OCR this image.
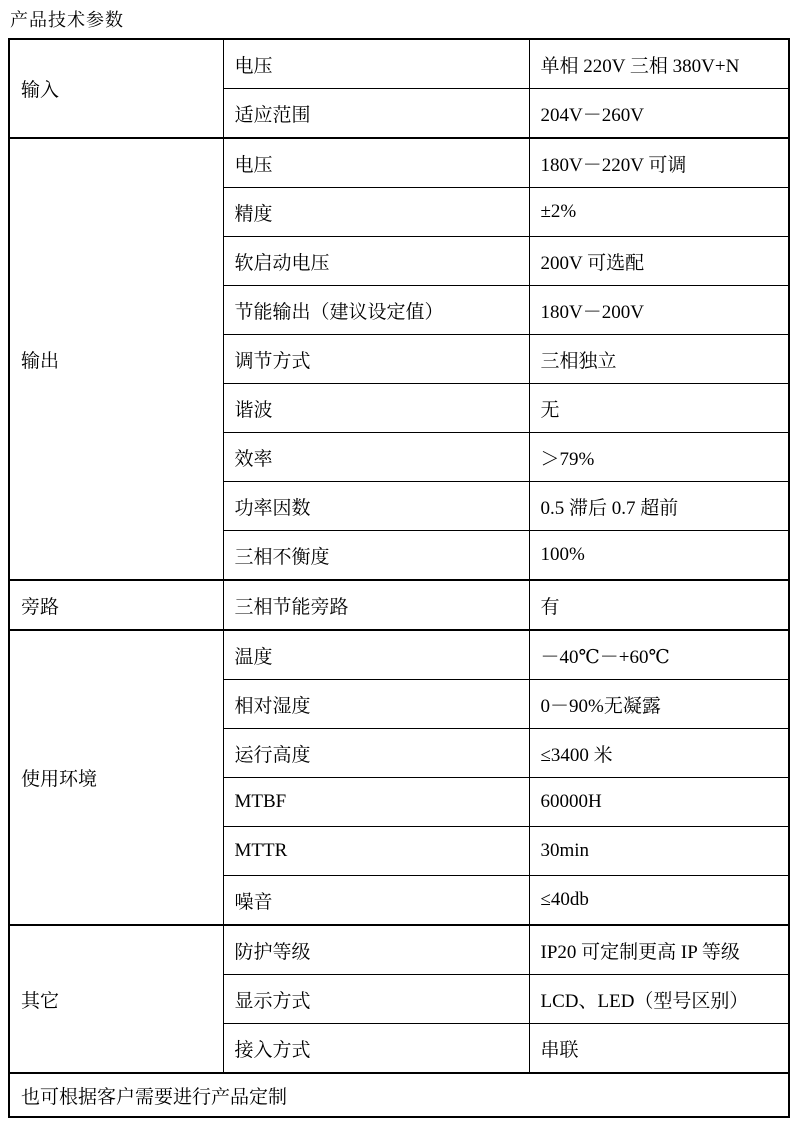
产品技术参数
输入	电压	单相 220V 三相 380V+N
	适应范围	204V－260V
输出	电压	180V－220V 可调
	精度	±2%
	软启动电压	200V 可选配
	节能输出（建议设定值）	180V－200V
	调节方式	三相独立
	谐波	无
	效率	＞79%
	功率因数	0.5 滞后 0.7 超前
	三相不衡度	100%
旁路	三相节能旁路	有
使用环境	温度	－40℃－+60℃
	相对湿度	0－90%无凝露
	运行高度	≤3400 米
	MTBF	60000H
	MTTR	30min
	噪音	≤40db
其它	防护等级	IP20 可定制更高 IP 等级
	显示方式	LCD、LED（型号区别）
	接入方式	串联
也可根据客户需要进行产品定制		
